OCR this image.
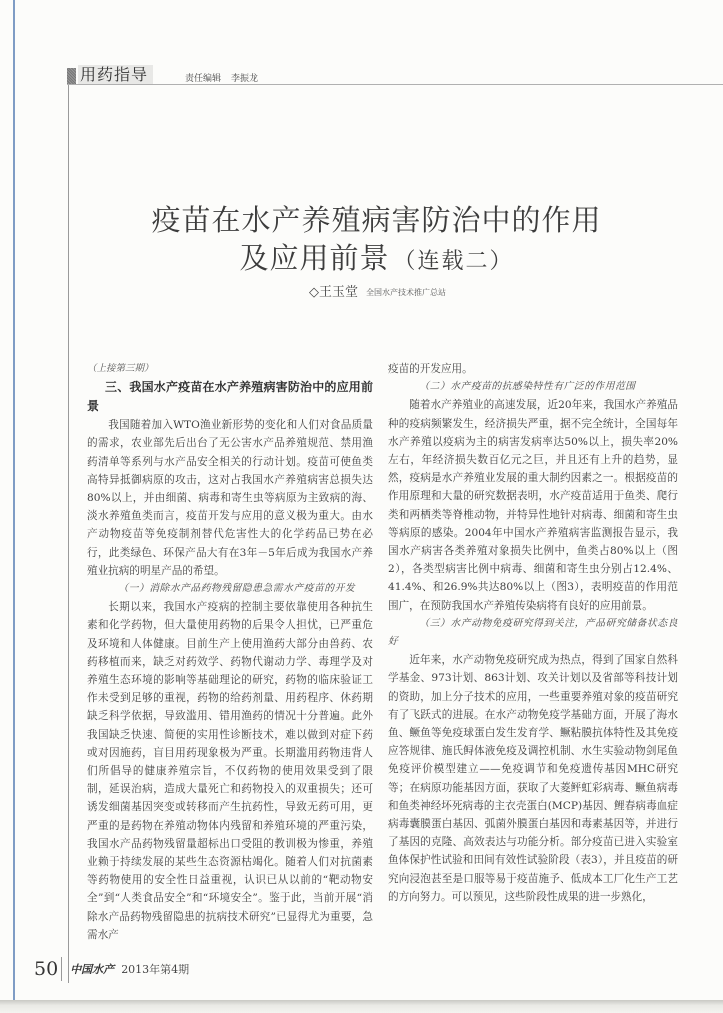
用药指导	责任编辑 李振龙
疫苗在水产养殖病害防治中的作用
及应用前景 （连载二）
◇王玉堂 全国水产技术推广总站

（上接第三期）

三、我国水产疫苗在水产养殖病害防治中的应用前景

我国随着加入WTO渔业新形势的变化和人们对食品质量的需求，农业部先后出台了无公害水产品养殖规范、禁用渔药清单等系列与水产品安全相关的行动计划。疫苗可使鱼类高特异抵御病原的攻击，这对占我国水产养殖病害总损失达80%以上，并由细菌、病毒和寄生虫等病原为主致病的海、淡水养殖鱼类而言，疫苗开发与应用的意义极为重大。由水产动物疫苗等免疫制剂替代危害性大的化学药品已势在必行，此类绿色、环保产品大有在3年－5年后成为我国水产养殖业抗病的明星产品的希望。

（一）消除水产品药物残留隐患急需水产疫苗的开发

长期以来，我国水产疫病的控制主要依靠使用各种抗生素和化学药物，但大量使用药物的后果令人担忧，已严重危及环境和人体健康。目前生产上使用渔药大部分由兽药、农药移植而来，缺乏对药效学、药物代谢动力学、毒理学及对养殖生态环境的影响等基础理论的研究，药物的临床验证工作未受到足够的重视，药物的给药剂量、用药程序、休药期缺乏科学依据，导致滥用、错用渔药的情况十分普遍。此外我国缺乏快速、简便的实用性诊断技术，难以做到对症下药或对因施药，盲目用药现象极为严重。长期滥用药物违背人们所倡导的健康养殖宗旨，不仅药物的使用效果受到了限制，延误治病，造成大量死亡和药物投入的双重损失；还可诱发细菌基因突变或转移而产生抗药性，导致无药可用，更严重的是药物在养殖动物体内残留和养殖环境的严重污染，我国水产品药物残留量超标出口受阻的教训极为惨重，养殖业赖于持续发展的某些生态资源枯竭化。随着人们对抗菌素等药物使用的安全性日益重视，认识已从以前的“靶动物安全”到“人类食品安全”和“环境安全”。鉴于此，当前开展“消除水产品药物残留隐患的抗病技术研究”已显得尤为重要，急需水产

疫苗的开发应用。

（二）水产疫苗的抗感染特性有广泛的作用范围

随着水产养殖业的高速发展，近20年来，我国水产养殖品种的疫病频繁发生，经济损失严重，据不完全统计，全国每年水产养殖以疫病为主的病害发病率达50%以上，损失率20%左右，年经济损失数百亿元之巨，并且还有上升的趋势，显然，疫病是水产养殖业发展的重大制约因素之一。根据疫苗的作用原理和大量的研究数据表明，水产疫苗适用于鱼类、爬行类和两栖类等脊椎动物，并特异性地针对病毒、细菌和寄生虫等病原的感染。2004年中国水产养殖病害监测报告显示，我国水产病害各类养殖对象损失比例中，鱼类占80%以上（图2），各类型病害比例中病毒、细菌和寄生虫分别占12.4%、41.4%、和26.9%共达80%以上（图3），表明疫苗的作用范围广，在预防我国水产养殖传染病将有良好的应用前景。

（三）水产动物免疫研究得到关注，产品研究储备状态良好

近年来，水产动物免疫研究成为热点，得到了国家自然科学基金、973计划、863计划、攻关计划以及省部等科技计划的资助，加上分子技术的应用，一些重要养殖对象的疫苗研究有了飞跃式的进展。在水产动物免疫学基础方面，开展了海水鱼、鳜鱼等免疫球蛋白发生发育学、鳜粘膜抗体特性及其免疫应答规律、施氏鲟体液免疫及调控机制、水生实验动物剑尾鱼免疫评价模型建立——免疫调节和免疫遗传基因MHC研究等；在病原功能基因方面，获取了大菱鲆虹彩病毒、鳜鱼病毒和鱼类神经坏死病毒的主衣壳蛋白(MCP)基因、鲤春病毒血症病毒囊膜蛋白基因、弧菌外膜蛋白基因和毒素基因等，并进行了基因的克隆、高效表达与功能分析。部分疫苗已进入实验室鱼体保护性试验和田间有效性试验阶段（表3），并且疫苗的研究向浸泡甚至是口服等易于疫苗施予、低成本工厂化生产工艺的方向努力。可以预见，这些阶段性成果的进一步熟化，

50 中国水产 2013年第4期
